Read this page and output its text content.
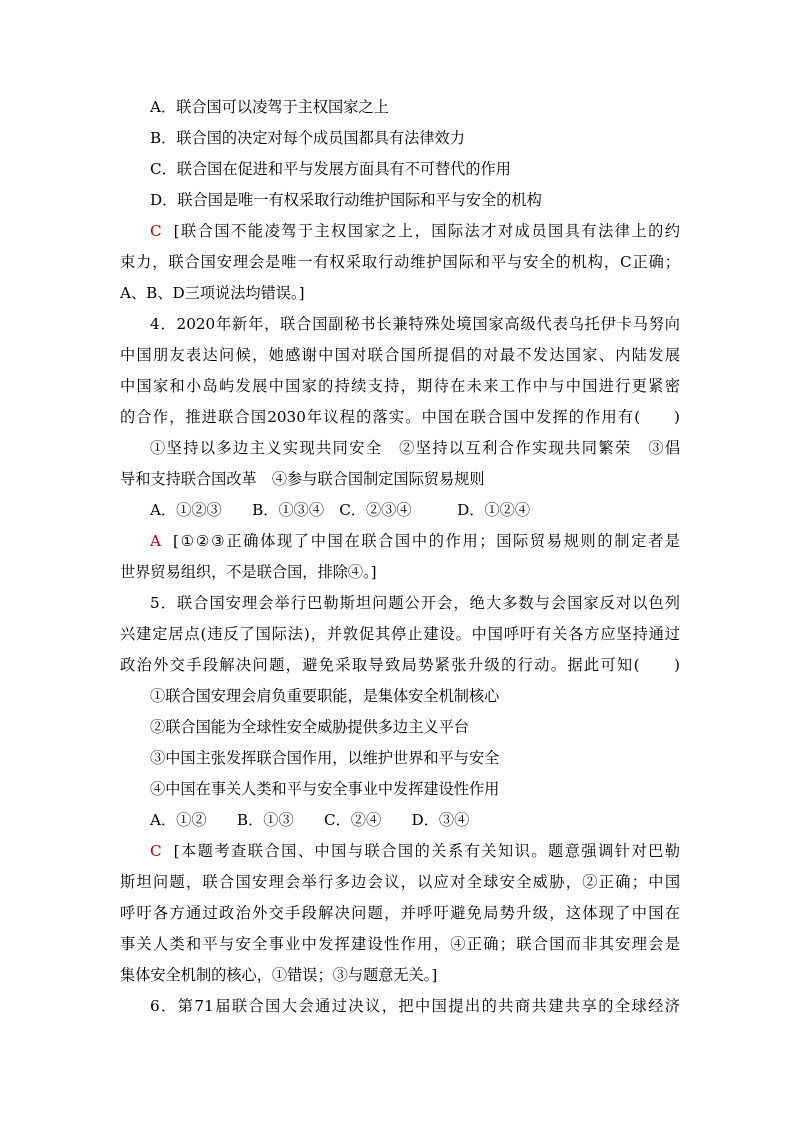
A．联合国可以凌驾于主权国家之上
B．联合国的决定对每个成员国都具有法律效力
C．联合国在促进和平与发展方面具有不可替代的作用
D．联合国是唯一有权采取行动维护国际和平与安全的机构
C [联合国不能凌驾于主权国家之上，国际法才对成员国具有法律上的约
束力，联合国安理会是唯一有权采取行动维护国际和平与安全的机构，C正确；
A、B、D三项说法均错误。]
4．2020年新年，联合国副秘书长兼特殊处境国家高级代表乌托伊卡马努向
中国朋友表达问候，她感谢中国对联合国所提倡的对最不发达国家、内陆发展
中国家和小岛屿发展中国家的持续支持，期待在未来工作中与中国进行更紧密
的合作，推进联合国2030年议程的落实。中国在联合国中发挥的作用有(　　)
①坚持以多边主义实现共同安全　②坚持以互利合作实现共同繁荣　③倡
导和支持联合国改革　④参与联合国制定国际贸易规则
A．①②③　　B．①③④　C．②③④　　　D．①②④
A [①②③正确体现了中国在联合国中的作用；国际贸易规则的制定者是
世界贸易组织，不是联合国，排除④。]
5．联合国安理会举行巴勒斯坦问题公开会，绝大多数与会国家反对以色列
兴建定居点(违反了国际法)，并敦促其停止建设。中国呼吁有关各方应坚持通过
政治外交手段解决问题，避免采取导致局势紧张升级的行动。据此可知(　　)
①联合国安理会肩负重要职能，是集体安全机制核心
②联合国能为全球性安全威胁提供多边主义平台
③中国主张发挥联合国作用，以维护世界和平与安全
④中国在事关人类和平与安全事业中发挥建设性作用
A．①②　　B．①③　　C．②④　　D．③④
C [本题考查联合国、中国与联合国的关系有关知识。题意强调针对巴勒
斯坦问题，联合国安理会举行多边会议，以应对全球安全威胁，②正确；中国
呼吁各方通过政治外交手段解决问题，并呼吁避免局势升级，这体现了中国在
事关人类和平与安全事业中发挥建设性作用，④正确；联合国而非其安理会是
集体安全机制的核心，①错误；③与题意无关。]
6．第71届联合国大会通过决议，把中国提出的共商共建共享的全球经济
